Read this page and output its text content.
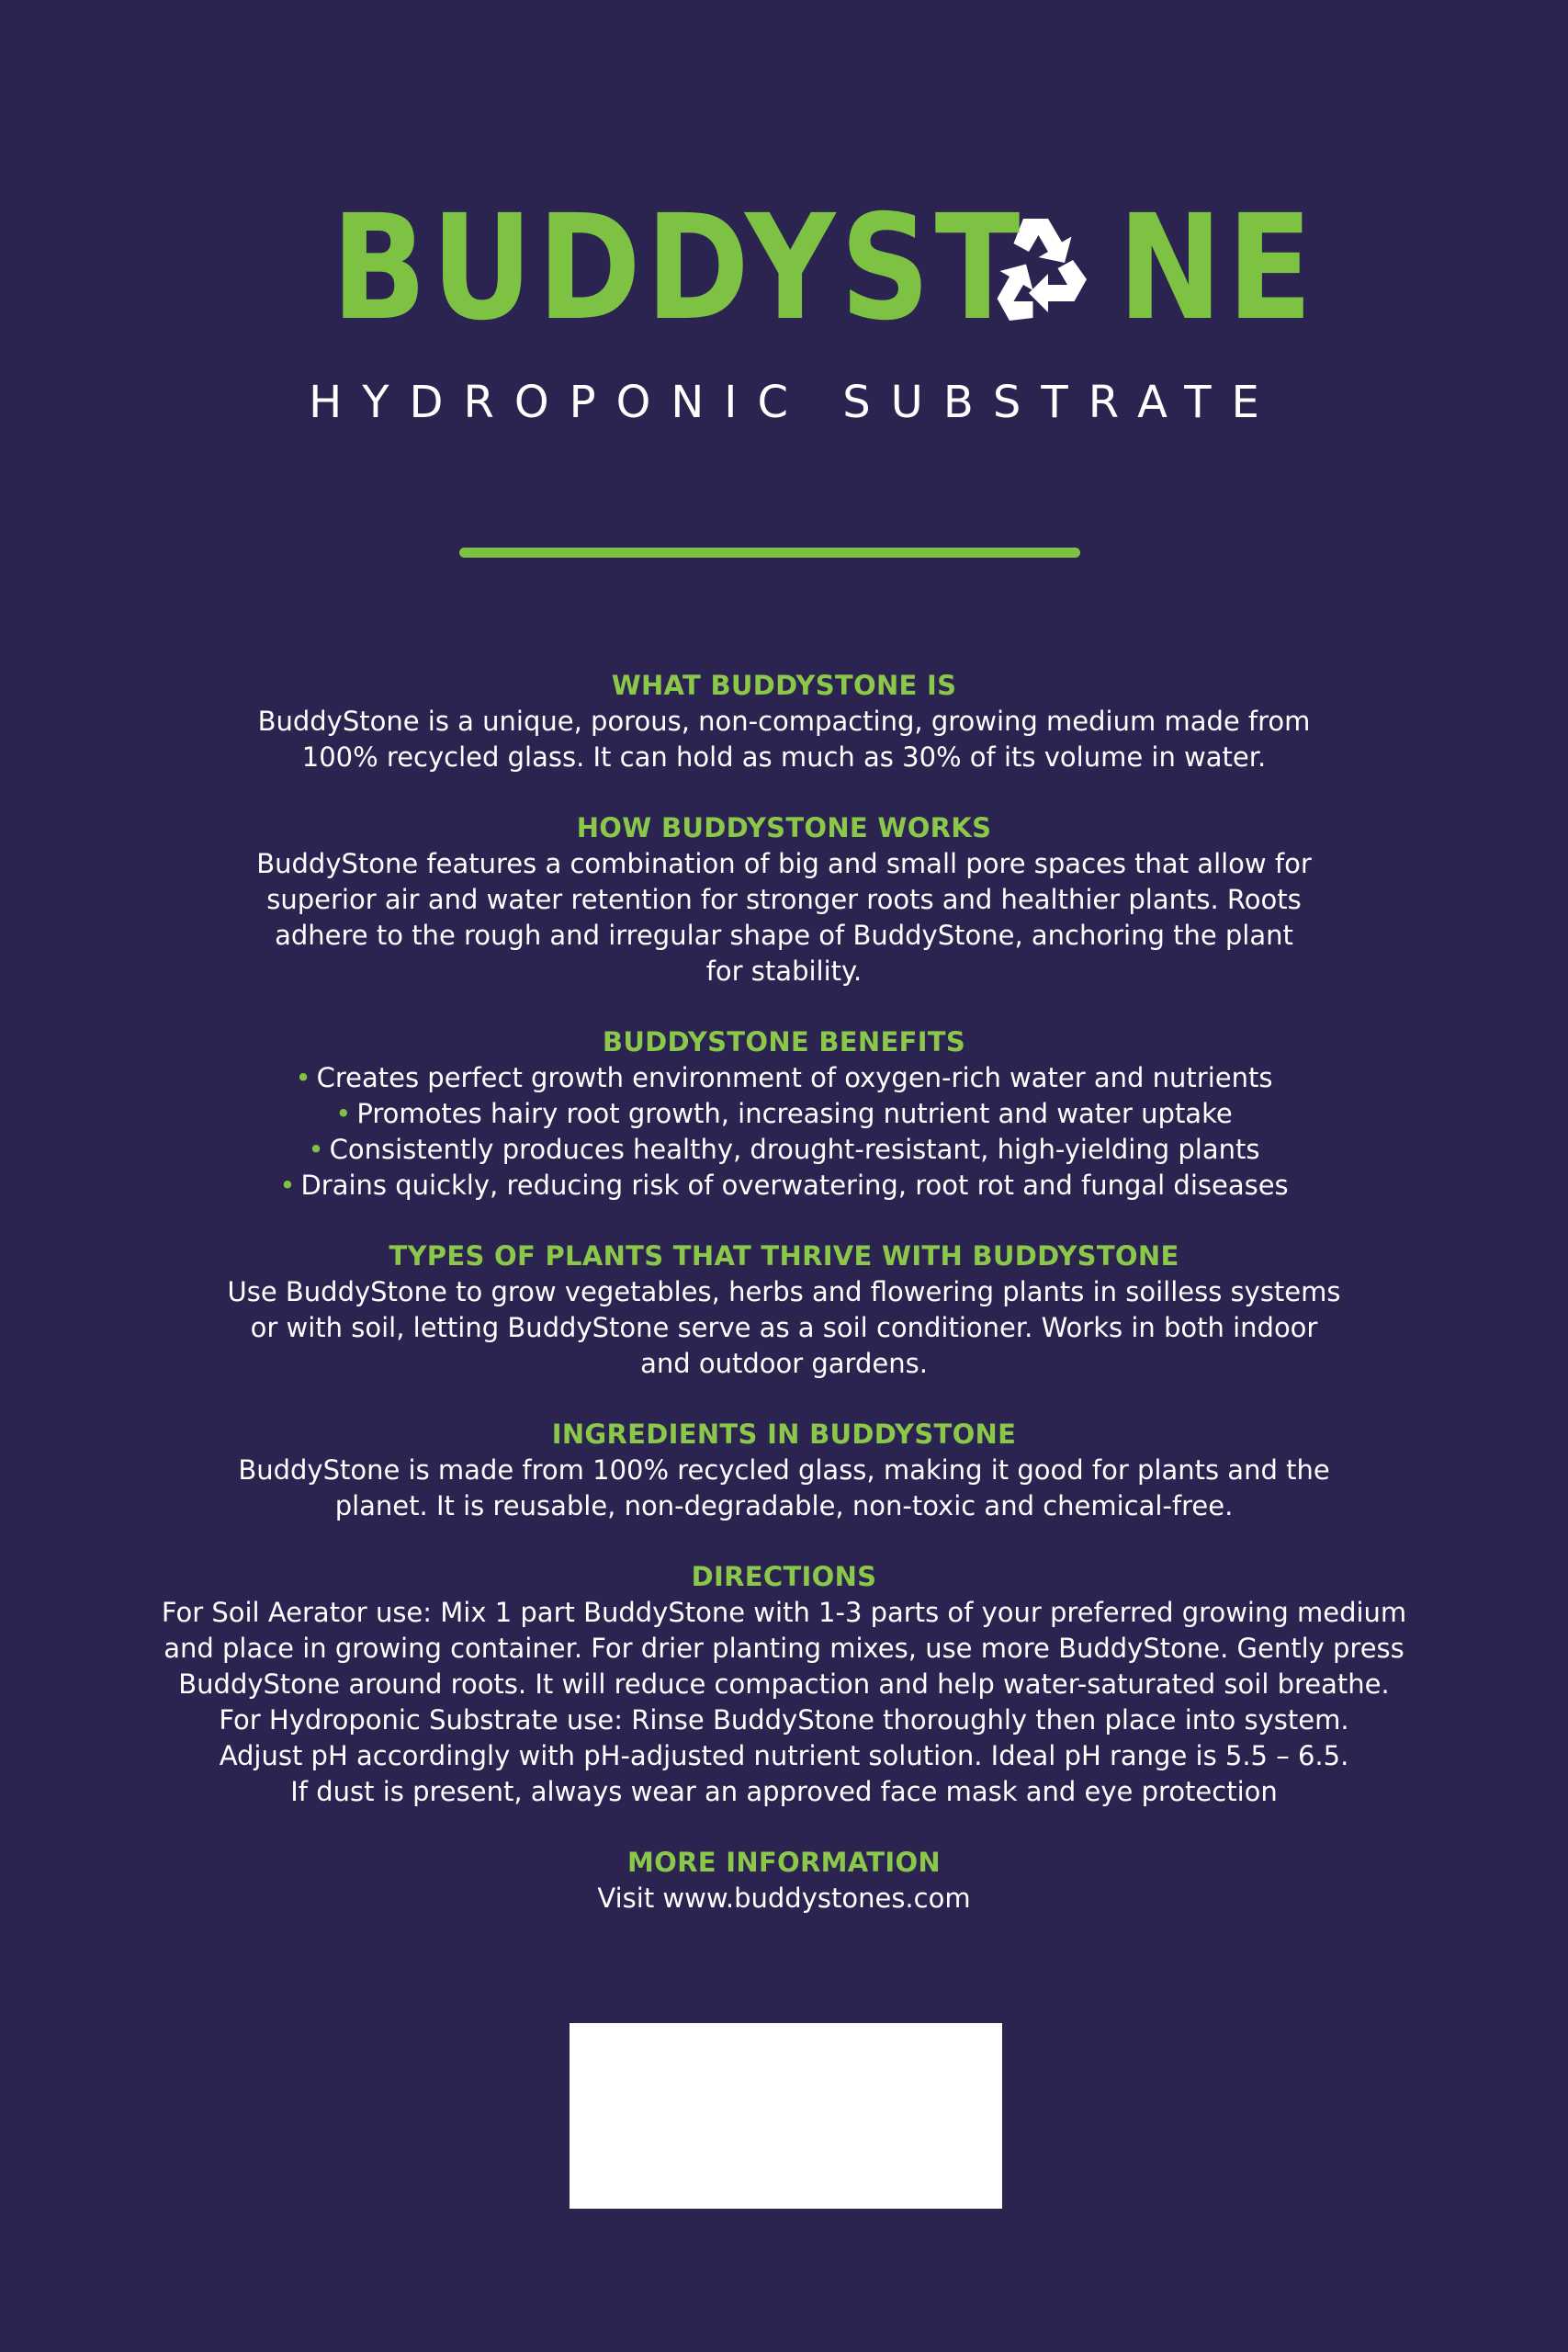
BUDDYST NE
HYDROPONIC SUBSTRATE
WHAT BUDDYSTONE IS
BuddyStone is a unique, porous, non-compacting, growing medium made from
100% recycled glass. It can hold as much as 30% of its volume in water.
HOW BUDDYSTONE WORKS
BuddyStone features a combination of big and small pore spaces that allow for
superior air and water retention for stronger roots and healthier plants. Roots
adhere to the rough and irregular shape of BuddyStone, anchoring the plant
for stability.
BUDDYSTONE BENEFITS
• Creates perfect growth environment of oxygen-rich water and nutrients
• Promotes hairy root growth, increasing nutrient and water uptake
• Consistently produces healthy, drought-resistant, high-yielding plants
• Drains quickly, reducing risk of overwatering, root rot and fungal diseases
TYPES OF PLANTS THAT THRIVE WITH BUDDYSTONE
Use BuddyStone to grow vegetables, herbs and flowering plants in soilless systems
or with soil, letting BuddyStone serve as a soil conditioner. Works in both indoor
and outdoor gardens.
INGREDIENTS IN BUDDYSTONE
BuddyStone is made from 100% recycled glass, making it good for plants and the
planet. It is reusable, non-degradable, non-toxic and chemical-free.
DIRECTIONS
For Soil Aerator use: Mix 1 part BuddyStone with 1-3 parts of your preferred growing medium
and place in growing container. For drier planting mixes, use more BuddyStone. Gently press
BuddyStone around roots. It will reduce compaction and help water-saturated soil breathe.
For Hydroponic Substrate use: Rinse BuddyStone thoroughly then place into system.
Adjust pH accordingly with pH-adjusted nutrient solution. Ideal pH range is 5.5 – 6.5.
If dust is present, always wear an approved face mask and eye protection
MORE INFORMATION
Visit www.buddystones.com
